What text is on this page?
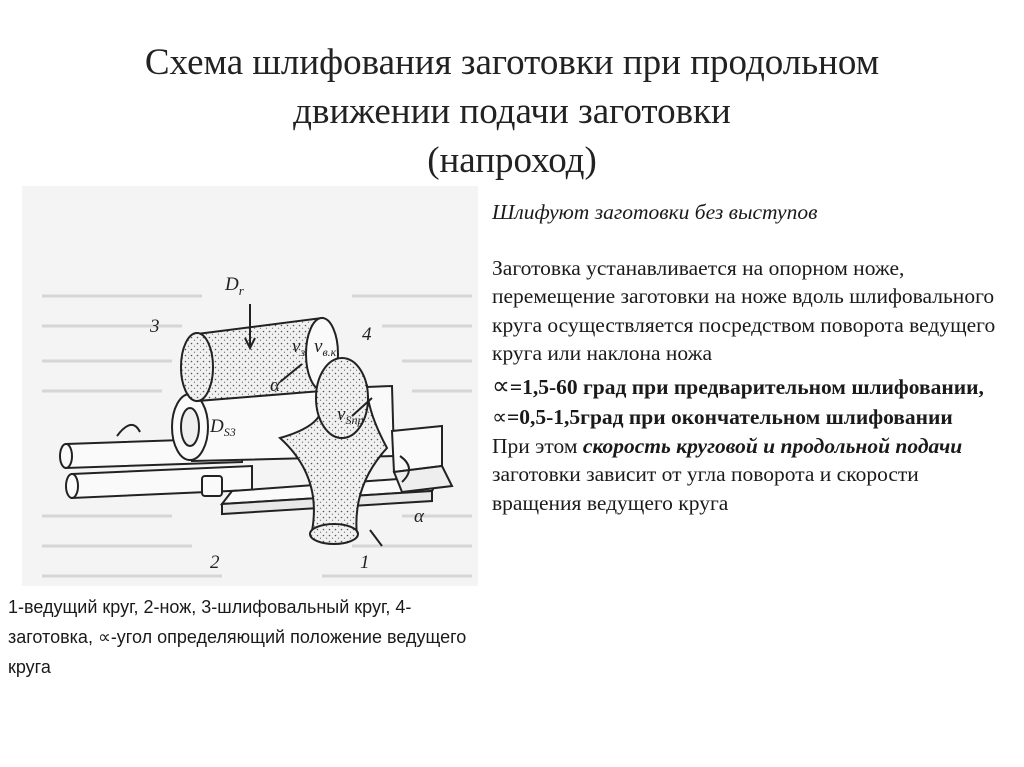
Схема шлифования заготовки при продольном
движении подачи заготовки
(напроход)
$D_r$
3	4
$v_з$ $v_{в.к}$
$D_{S3}$
$v_{Sпр}$
α
α
2	1
1-ведущий круг, 2-нож, 3-шлифовальный круг, 4- заготовка, ∝-угол определяющий положение ведущего круга

Шлифуют заготовки без выступов

Заготовка устанавливается на опорном ноже, перемещение заготовки на ноже вдоль шлифовального круга осуществляется посредством поворота ведущего круга или наклона ножа

∝=1,5-60 град при предварительном шлифовании,

∝=0,5-1,5град при окончательном шлифовании

При этом скорость круговой и продольной подачи заготовки зависит от угла поворота и скорости вращения ведущего круга
